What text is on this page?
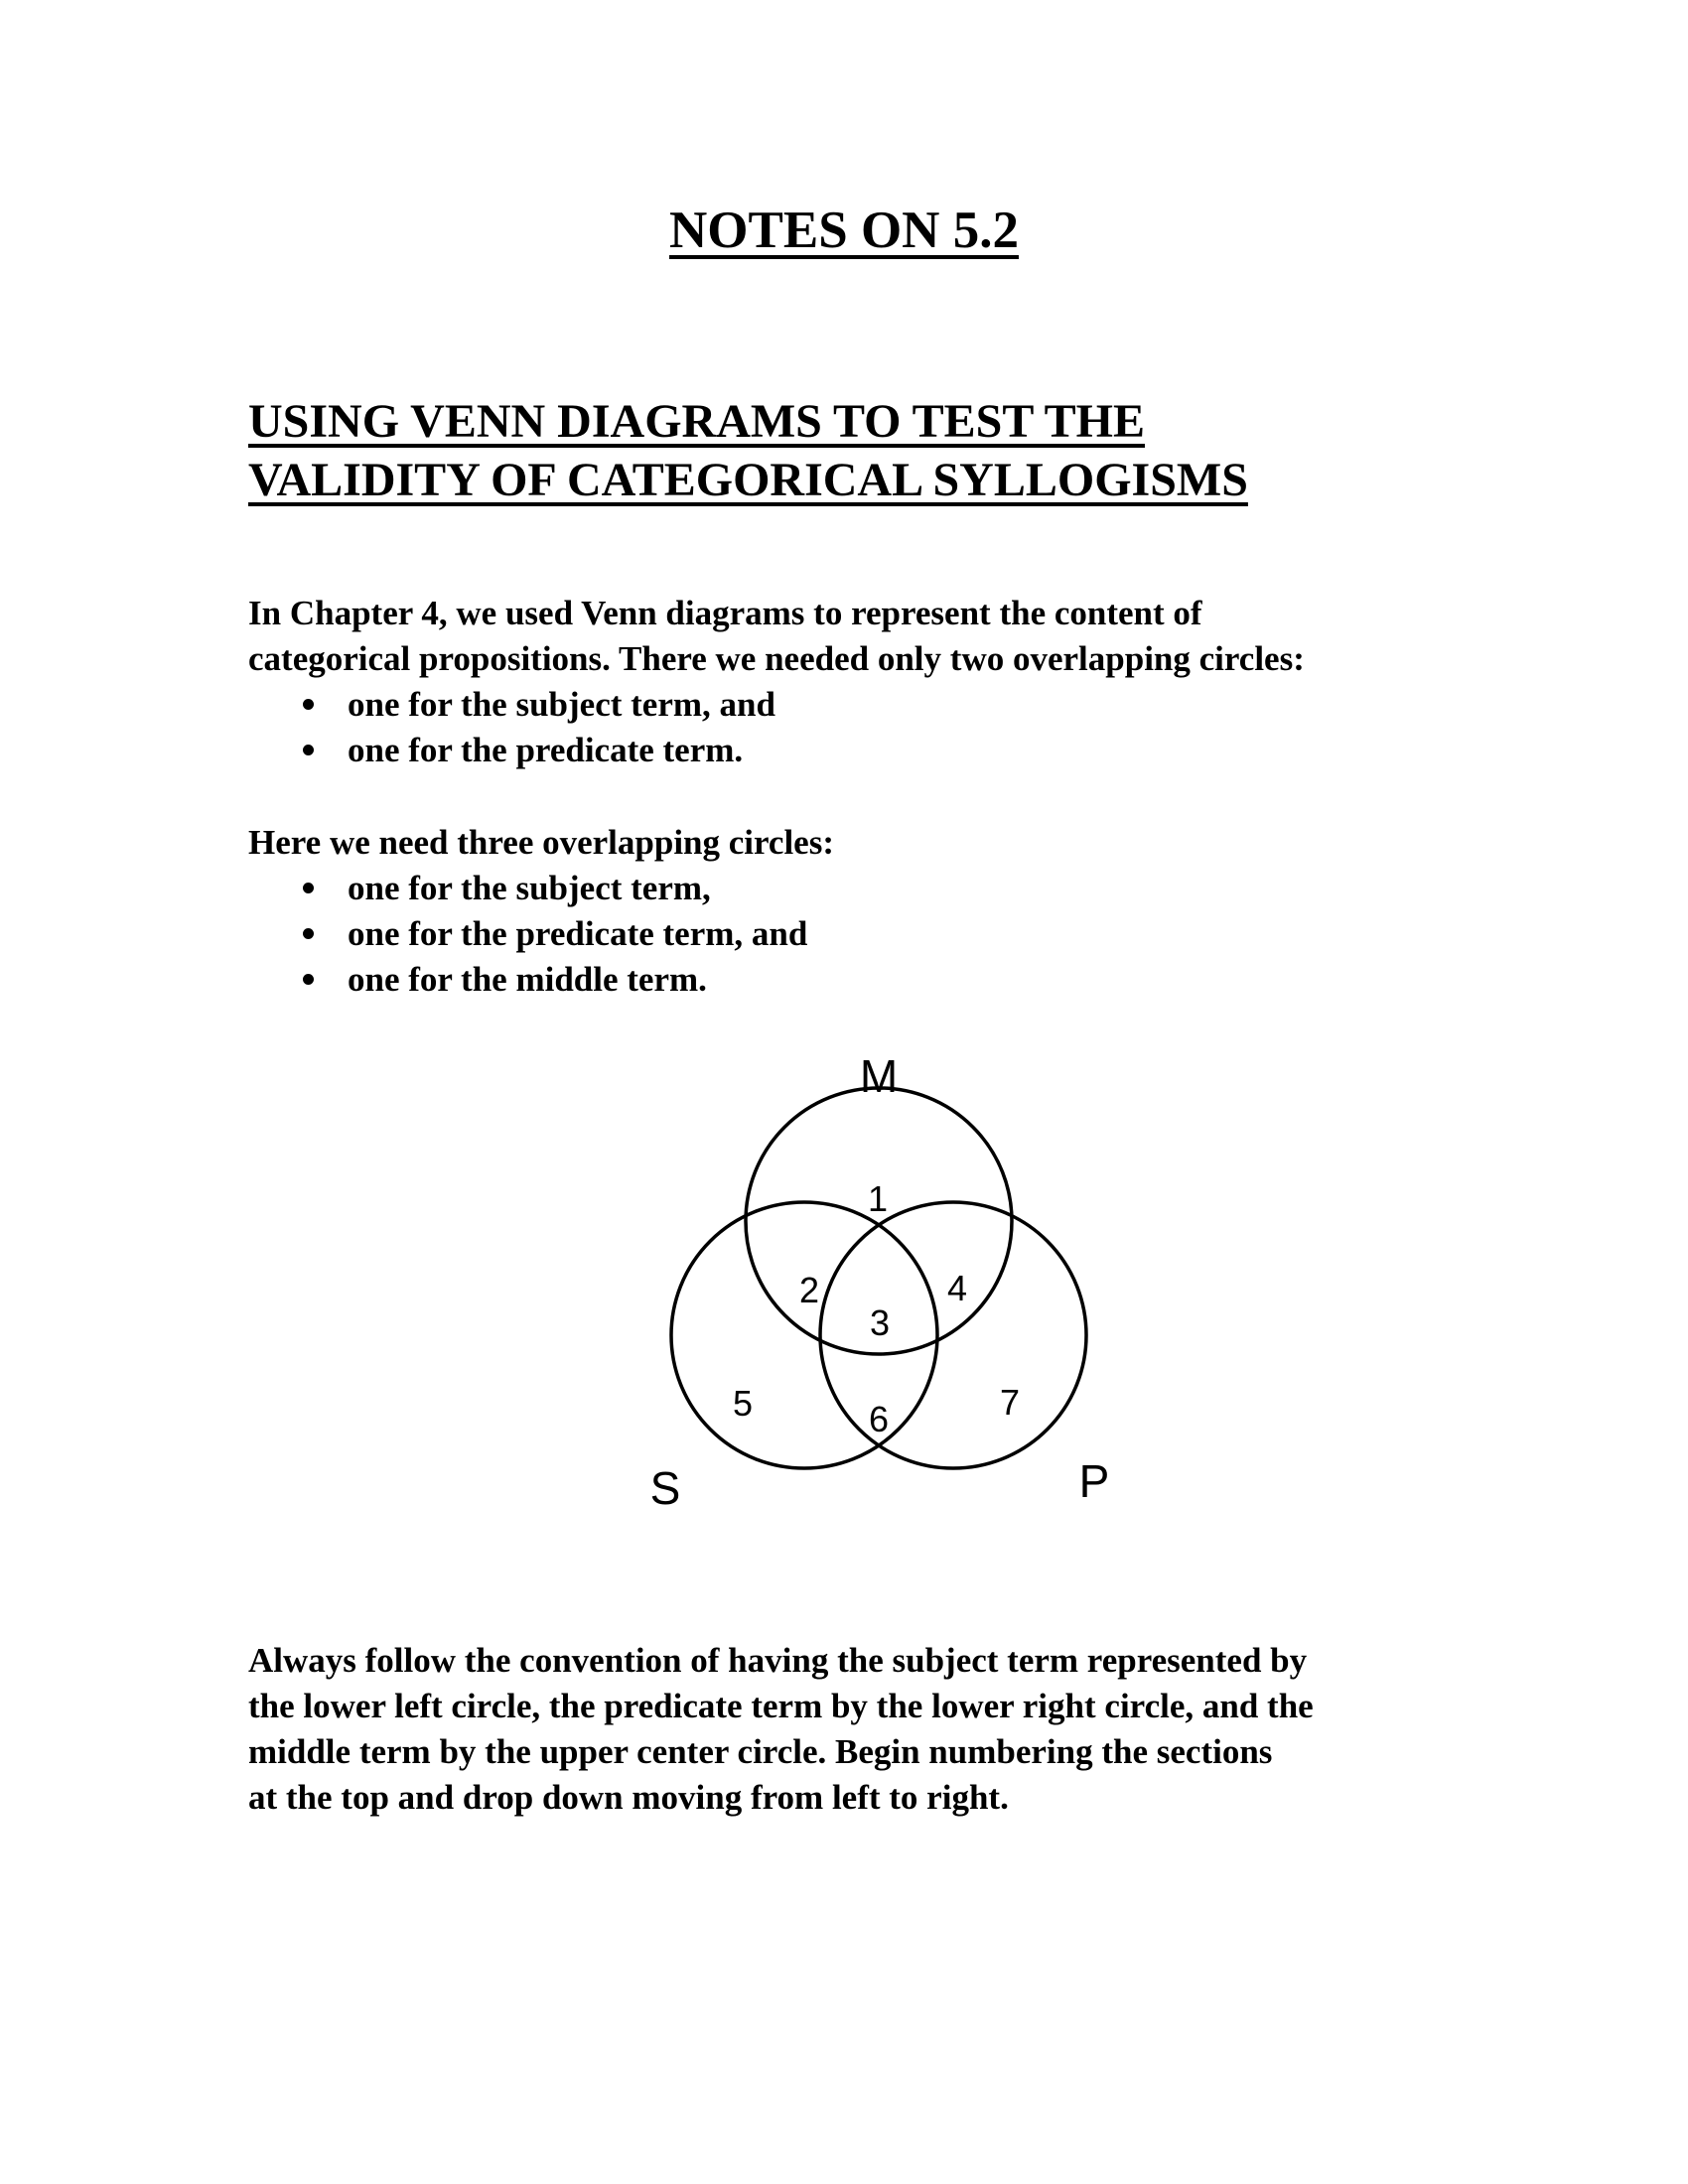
NOTES ON 5.2
USING VENN DIAGRAMS TO TEST THE
VALIDITY OF CATEGORICAL SYLLOGISMS
In Chapter 4, we used Venn diagrams to represent the content of
categorical propositions. There we needed only two overlapping circles:
one for the subject term, and
one for the predicate term.
Here we need three overlapping circles:
one for the subject term,
one for the predicate term, and
one for the middle term.
M
S	P
1
2
3
4
5	6	7
Always follow the convention of having the subject term represented by
the lower left circle, the predicate term by the lower right circle, and the
middle term by the upper center circle. Begin numbering the sections
at the top and drop down moving from left to right.
